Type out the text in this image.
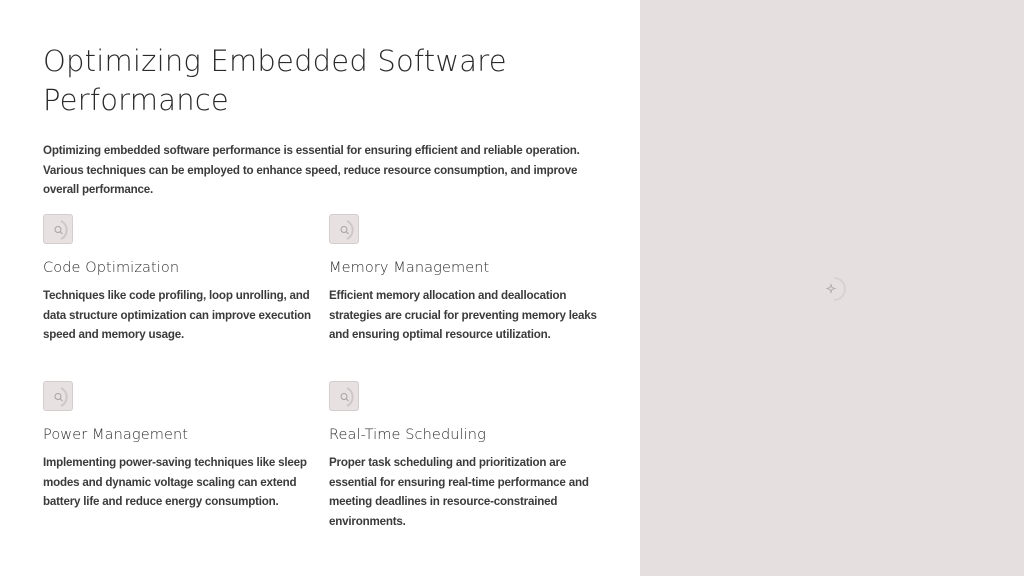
Optimizing Embedded Software Performance

Optimizing embedded software performance is essential for ensuring efficient and reliable operation. Various techniques can be employed to enhance speed, reduce resource consumption, and improve overall performance.

Code Optimization
Techniques like code profiling, loop unrolling, and data structure optimization can improve execution speed and memory usage.
Memory Management
Efficient memory allocation and deallocation strategies are crucial for preventing memory leaks and ensuring optimal resource utilization.
Power Management
Implementing power-saving techniques like sleep modes and dynamic voltage scaling can extend battery life and reduce energy consumption.
Real-Time Scheduling
Proper task scheduling and prioritization are essential for ensuring real-time performance and meeting deadlines in resource-constrained environments.
